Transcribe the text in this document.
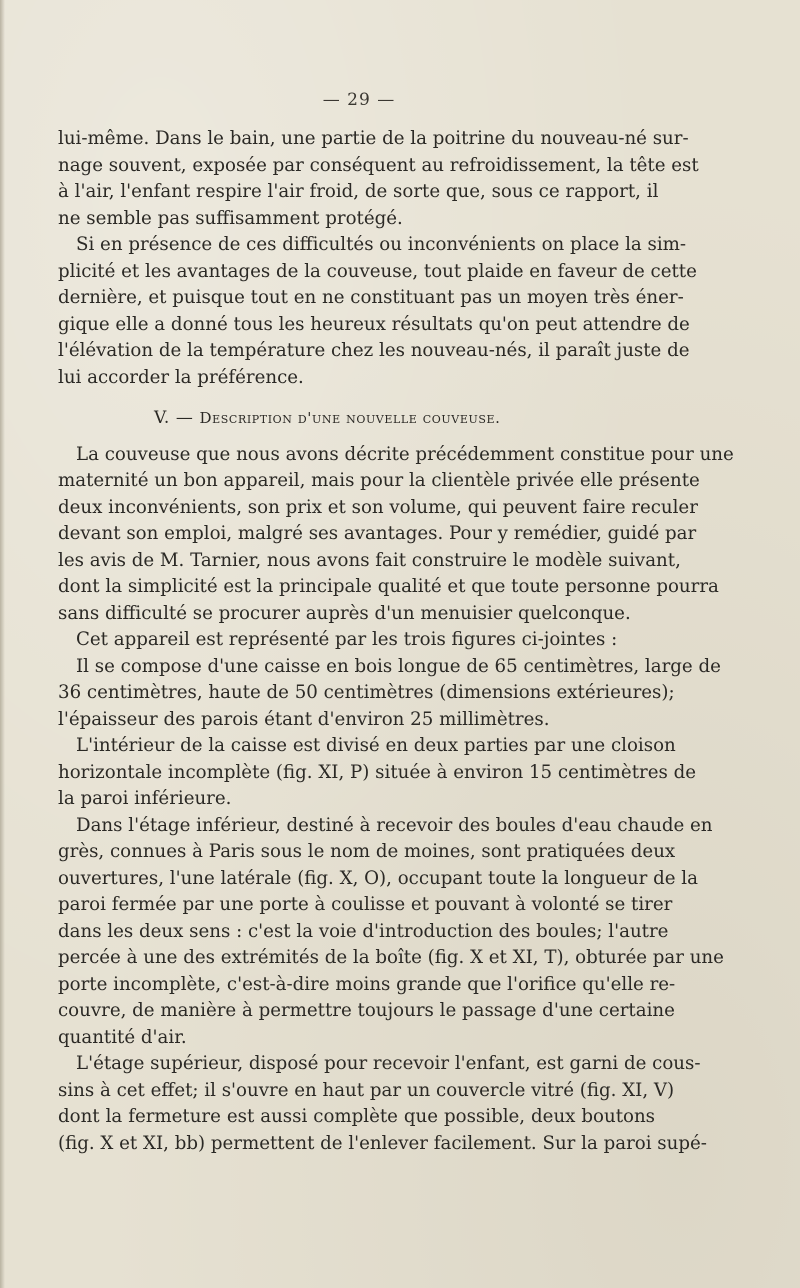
— 29 —
lui-même. Dans le bain, une partie de la poitrine du nouveau-né sur-
nage souvent, exposée par conséquent au refroidissement, la tête est
à l'air, l'enfant respire l'air froid, de sorte que, sous ce rapport, il
ne semble pas suffisamment protégé.
Si en présence de ces difficultés ou inconvénients on place la sim-
plicité et les avantages de la couveuse, tout plaide en faveur de cette
dernière, et puisque tout en ne constituant pas un moyen très éner-
gique elle a donné tous les heureux résultats qu'on peut attendre de
l'élévation de la température chez les nouveau-nés, il paraît juste de
lui accorder la préférence.
V. — Description d'une nouvelle couveuse.
La couveuse que nous avons décrite précédemment constitue pour une
maternité un bon appareil, mais pour la clientèle privée elle présente
deux inconvénients, son prix et son volume, qui peuvent faire reculer
devant son emploi, malgré ses avantages. Pour y remédier, guidé par
les avis de M. Tarnier, nous avons fait construire le modèle suivant,
dont la simplicité est la principale qualité et que toute personne pourra
sans difficulté se procurer auprès d'un menuisier quelconque.
Cet appareil est représenté par les trois figures ci-jointes :
Il se compose d'une caisse en bois longue de 65 centimètres, large de
36 centimètres, haute de 50 centimètres (dimensions extérieures);
l'épaisseur des parois étant d'environ 25 millimètres.
L'intérieur de la caisse est divisé en deux parties par une cloison
horizontale incomplète (fig. XI, P) située à environ 15 centimètres de
la paroi inférieure.
Dans l'étage inférieur, destiné à recevoir des boules d'eau chaude en
grès, connues à Paris sous le nom de moines, sont pratiquées deux
ouvertures, l'une latérale (fig. X, O), occupant toute la longueur de la
paroi fermée par une porte à coulisse et pouvant à volonté se tirer
dans les deux sens : c'est la voie d'introduction des boules; l'autre
percée à une des extrémités de la boîte (fig. X et XI, T), obturée par une
porte incomplète, c'est-à-dire moins grande que l'orifice qu'elle re-
couvre, de manière à permettre toujours le passage d'une certaine
quantité d'air.
L'étage supérieur, disposé pour recevoir l'enfant, est garni de cous-
sins à cet effet; il s'ouvre en haut par un couvercle vitré (fig. XI, V)
dont la fermeture est aussi complète que possible, deux boutons
(fig. X et XI, bb) permettent de l'enlever facilement. Sur la paroi supé-
